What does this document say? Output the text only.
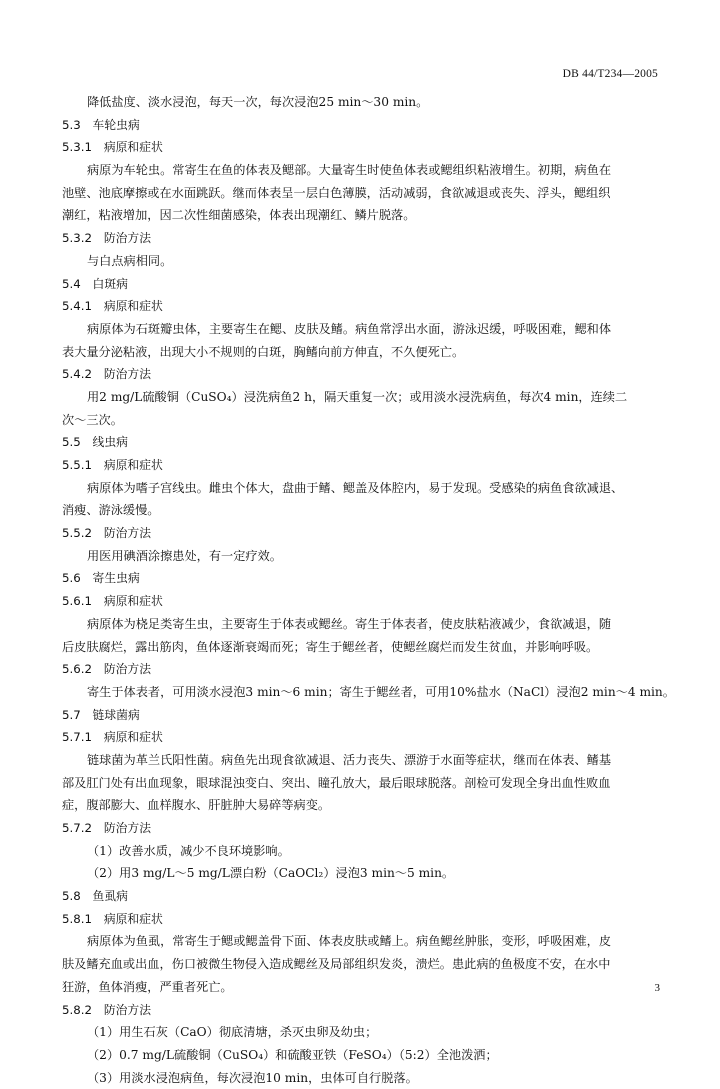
DB 44/T234—2005
降低盐度、淡水浸泡，每天一次，每次浸泡25 min～30 min。
5.3　车轮虫病
5.3.1　病原和症状
病原为车轮虫。常寄生在鱼的体表及鳃部。大量寄生时使鱼体表或鳃组织粘液增生。初期，病鱼在
池壁、池底摩擦或在水面跳跃。继而体表呈一层白色薄膜，活动减弱，食欲减退或丧失、浮头，鳃组织
潮红，粘液增加，因二次性细菌感染，体表出现潮红、鳞片脱落。
5.3.2　防治方法
与白点病相同。
5.4　白斑病
5.4.1　病原和症状
病原体为石斑瓣虫体，主要寄生在鳃、皮肤及鳍。病鱼常浮出水面，游泳迟缓，呼吸困难，鳃和体
表大量分泌粘液，出现大小不规则的白斑，胸鳍向前方伸直，不久便死亡。
5.4.2　防治方法
用2 mg/L硫酸铜（CuSO₄）浸洗病鱼2 h，隔天重复一次；或用淡水浸洗病鱼，每次4 min，连续二
次～三次。
5.5　线虫病
5.5.1　病原和症状
病原体为嗜子宫线虫。雌虫个体大，盘曲于鳍、鳃盖及体腔内，易于发现。受感染的病鱼食欲减退、
消瘦、游泳缓慢。
5.5.2　防治方法
用医用碘酒涂擦患处，有一定疗效。
5.6　寄生虫病
5.6.1　病原和症状
病原体为桡足类寄生虫，主要寄生于体表或鳃丝。寄生于体表者，使皮肤粘液减少，食欲减退，随
后皮肤腐烂，露出筋肉，鱼体逐渐衰竭而死；寄生于鳃丝者，使鳃丝腐烂而发生贫血，并影响呼吸。
5.6.2　防治方法
寄生于体表者，可用淡水浸泡3 min～6 min；寄生于鳃丝者，可用10%盐水（NaCl）浸泡2 min～4 min。
5.7　链球菌病
5.7.1　病原和症状
链球菌为革兰氏阳性菌。病鱼先出现食欲减退、活力丧失、漂游于水面等症状，继而在体表、鳍基
部及肛门处有出血现象，眼球混浊变白、突出、瞳孔放大，最后眼球脱落。剖检可发现全身出血性败血
症，腹部膨大、血样腹水、肝脏肿大易碎等病变。
5.7.2　防治方法
（1）改善水质，减少不良环境影响。
（2）用3 mg/L～5 mg/L漂白粉（CaOCl₂）浸泡3 min～5 min。
5.8　鱼虱病
5.8.1　病原和症状
病原体为鱼虱，常寄生于鳃或鳃盖骨下面、体表皮肤或鳍上。病鱼鳃丝肿胀，变形，呼吸困难，皮
肤及鳍充血或出血，伤口被微生物侵入造成鳃丝及局部组织发炎，溃烂。患此病的鱼极度不安，在水中
狂游，鱼体消瘦，严重者死亡。
5.8.2　防治方法
（1）用生石灰（CaO）彻底清塘，杀灭虫卵及幼虫；
（2）0.7 mg/L硫酸铜（CuSO₄）和硫酸亚铁（FeSO₄）（5:2）全池泼洒；
（3）用淡水浸泡病鱼，每次浸泡10 min，虫体可自行脱落。
3
